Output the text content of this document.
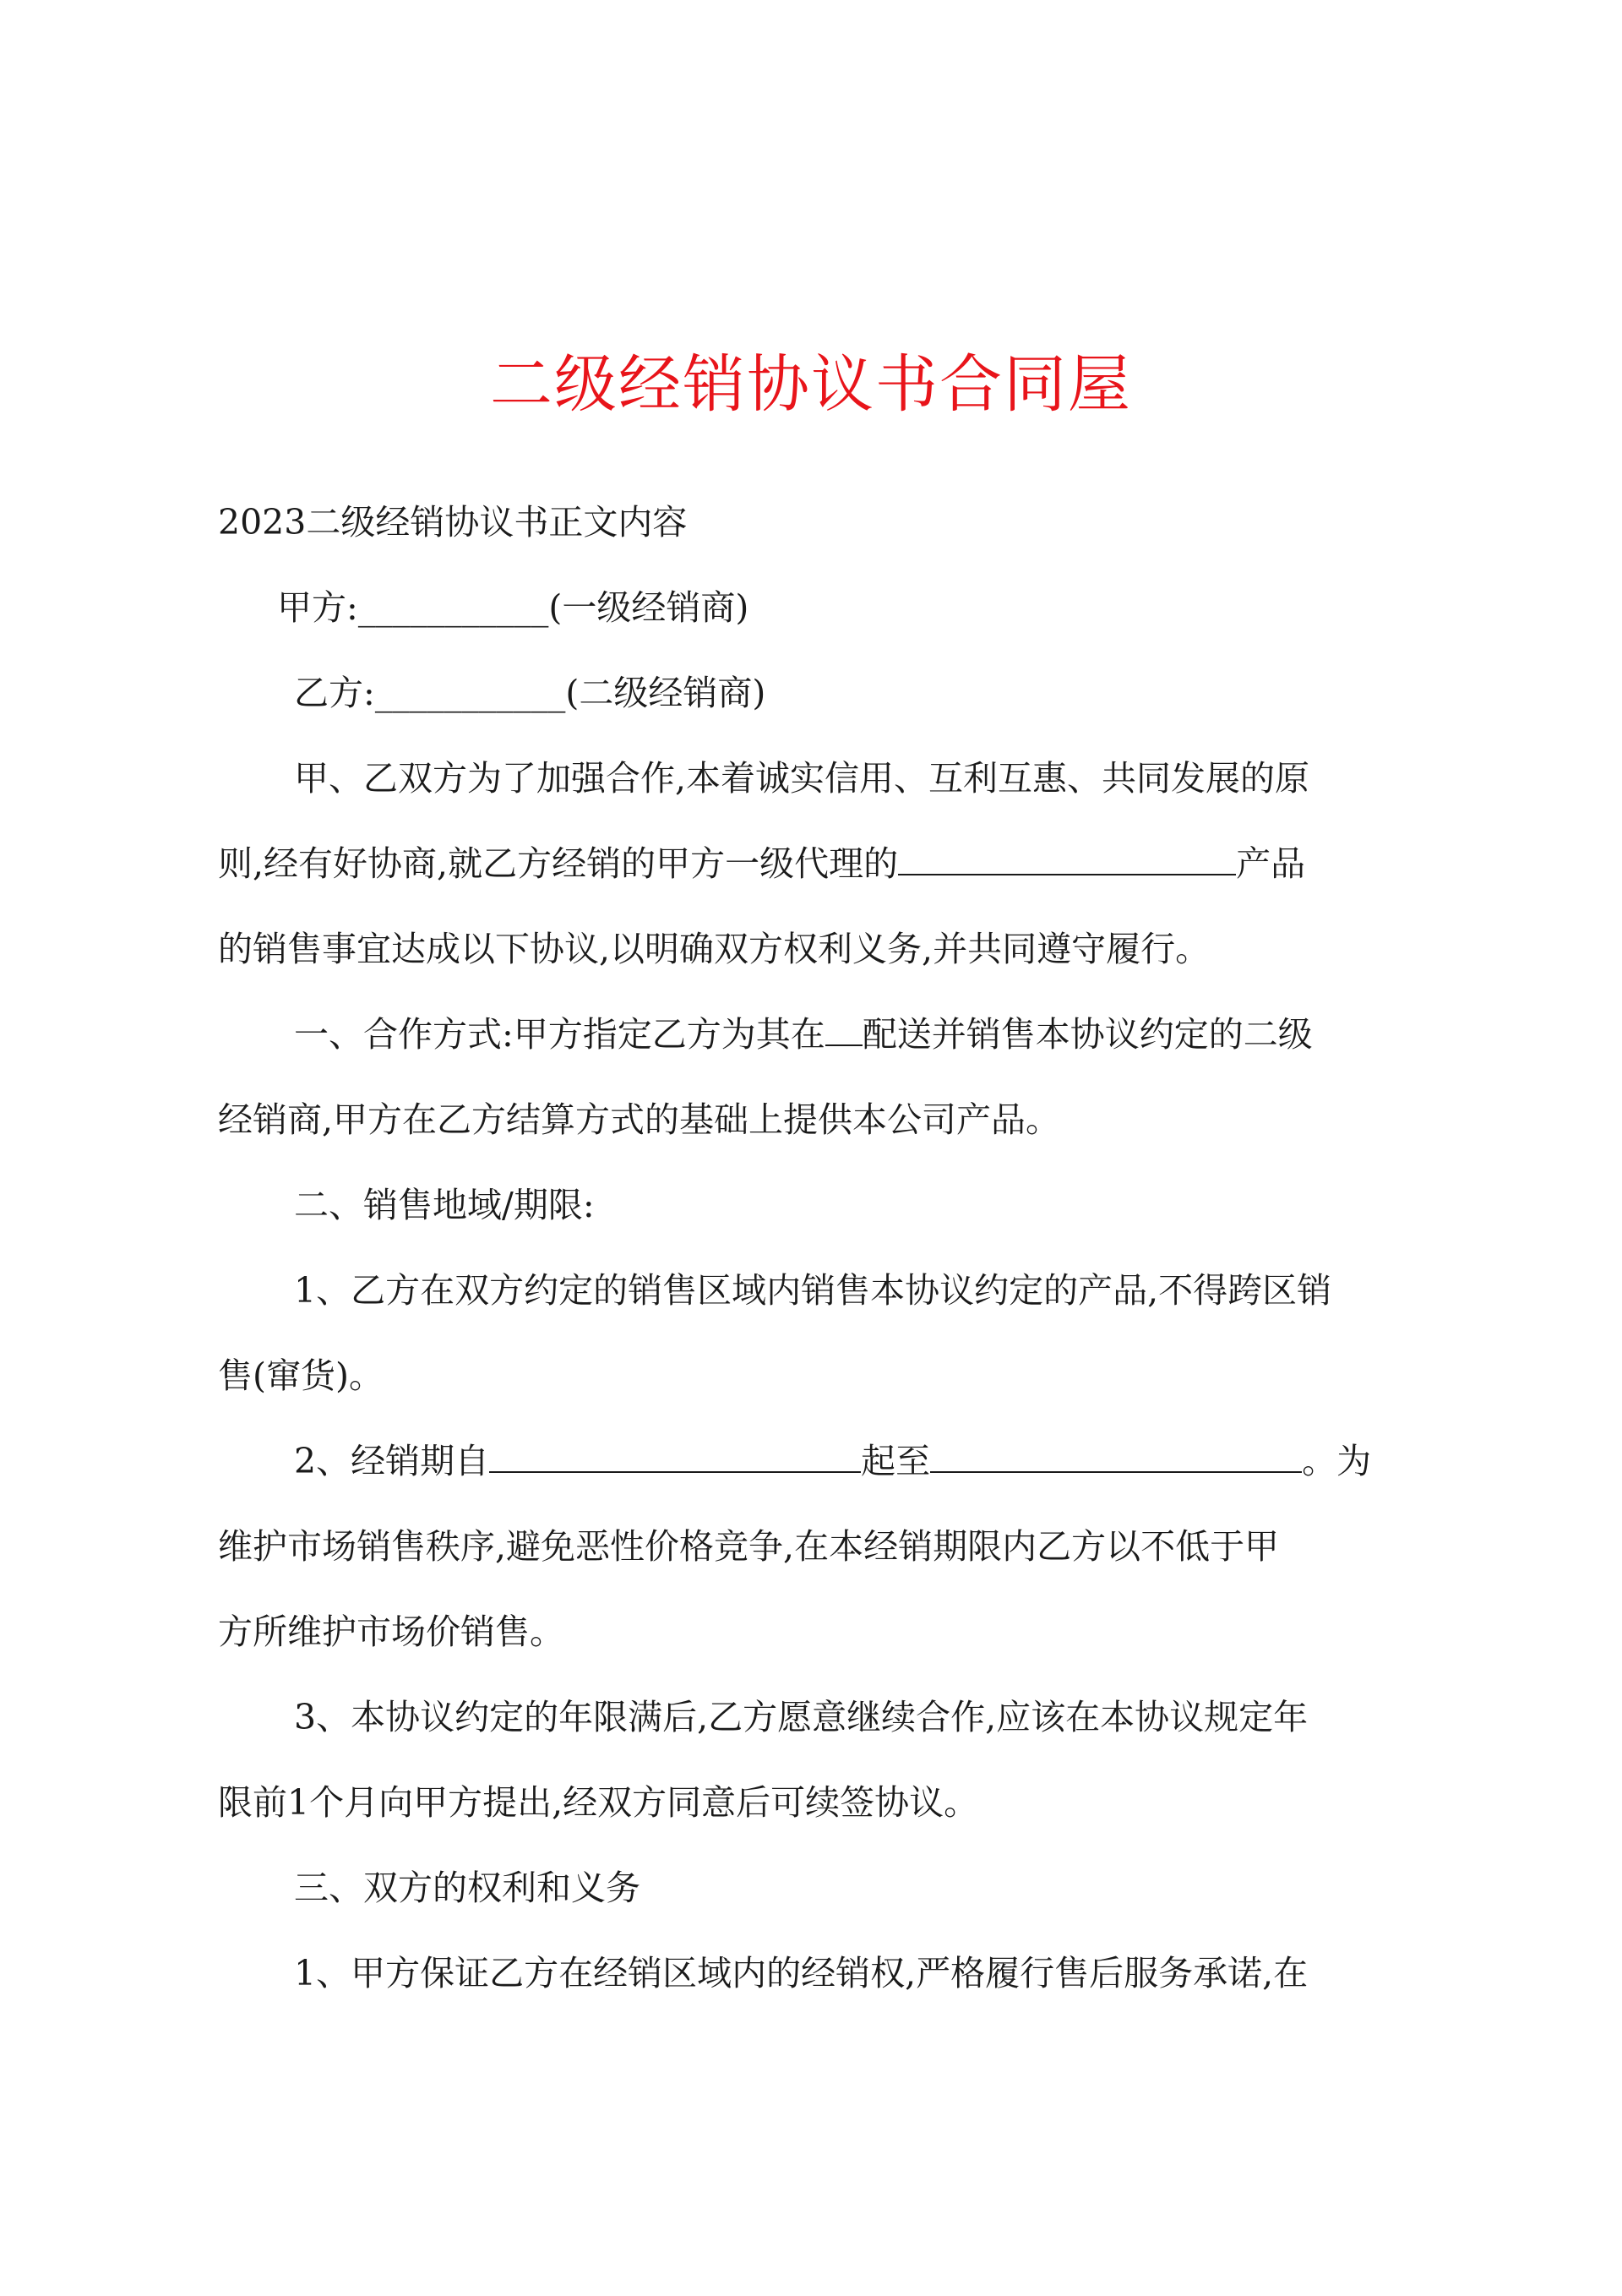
二级经销协议书合同屋
2023二级经销协议书正文内容
甲方:___________(一级经销商)
乙方:___________(二级经销商)
甲、乙双方为了加强合作,本着诚实信用、互利互惠、共同发展的原
则,经有好协商,就乙方经销的甲方一级代理的	产品
的销售事宜达成以下协议,以明确双方权利义务,并共同遵守履行。
一、合作方式:甲方指定乙方为其在 配送并销售本协议约定的二级
经销商,甲方在乙方结算方式的基础上提供本公司产品。
二、销售地域/期限:
1、乙方在双方约定的销售区域内销售本协议约定的产品,不得跨区销
售(窜货)。
2、经销期自	起至	。为
维护市场销售秩序,避免恶性价格竞争,在本经销期限内乙方以不低于甲
方所维护市场价销售。
3、本协议约定的年限满后,乙方愿意继续合作,应该在本协议规定年
限前1个月向甲方提出,经双方同意后可续签协议。
三、双方的权利和义务
1、甲方保证乙方在经销区域内的经销权,严格履行售后服务承诺,在
